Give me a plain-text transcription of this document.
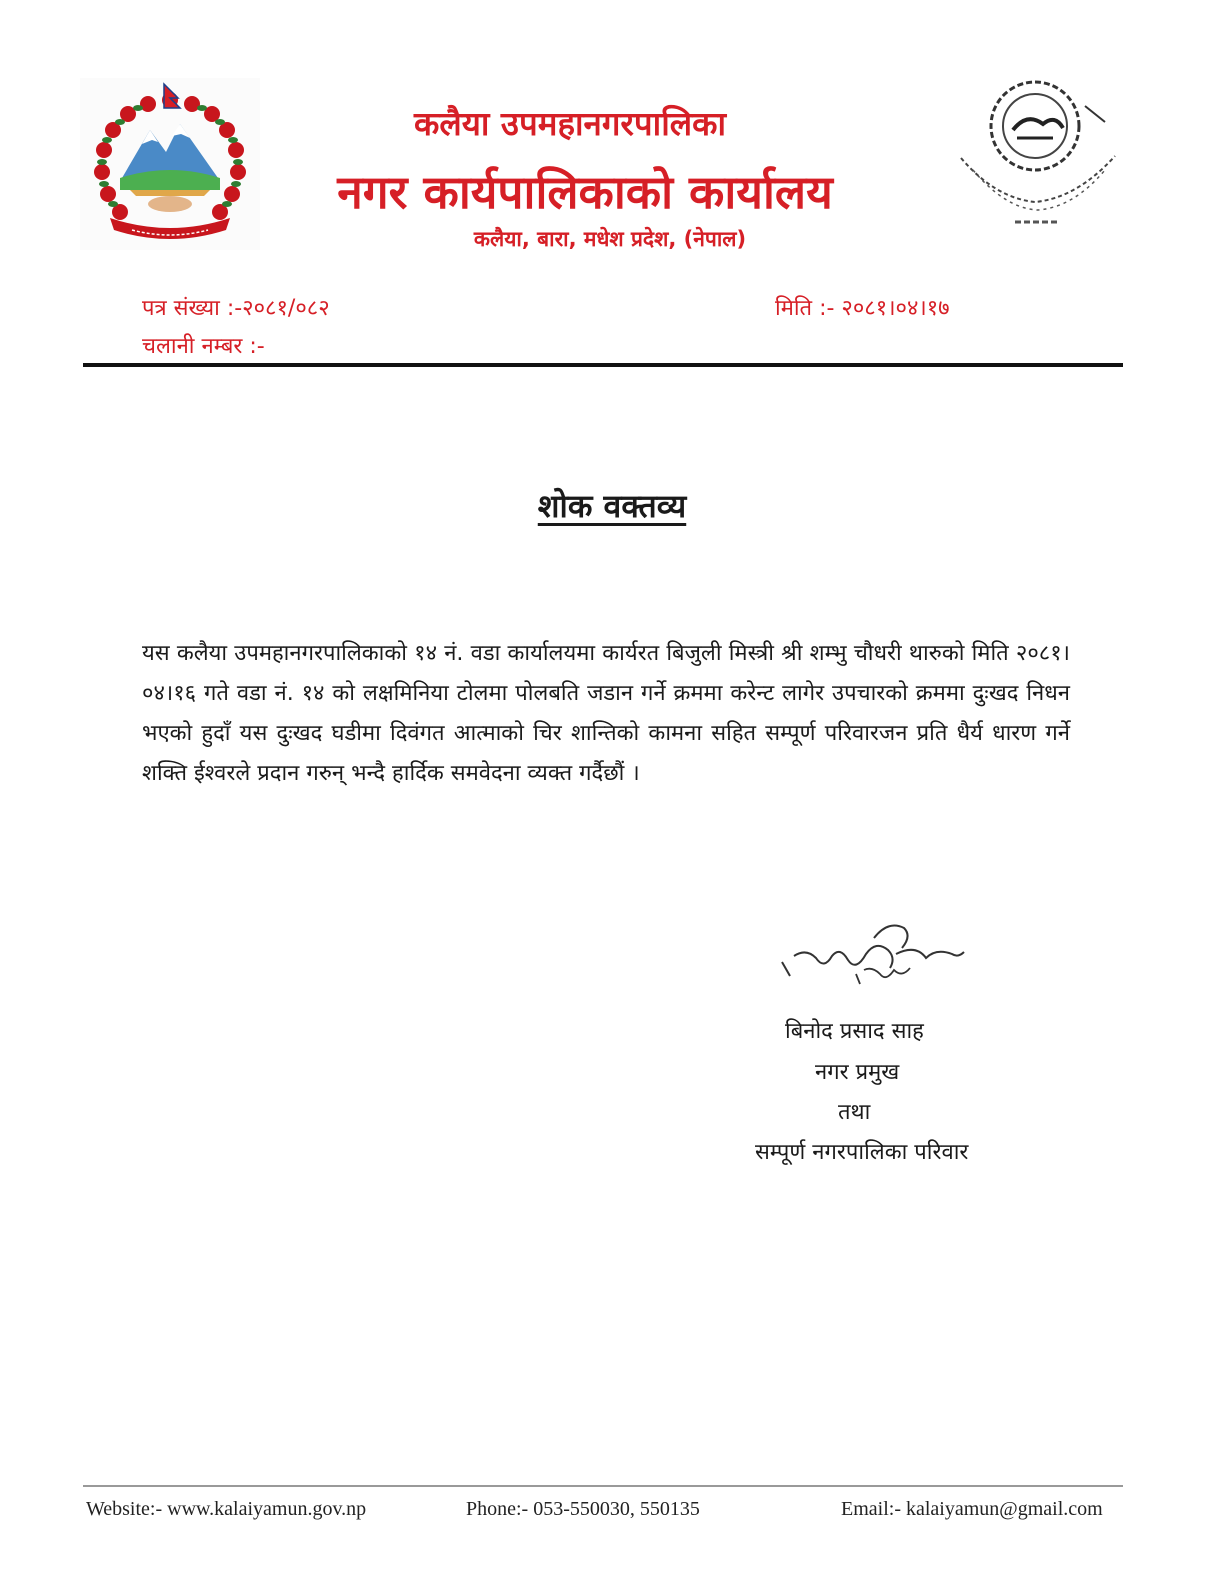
कलैया उपमहानगरपालिका
नगर कार्यपालिकाको कार्यालय
कलैया, बारा, मधेश प्रदेश, (नेपाल)
पत्र संख्या :-२०८१/०८२
चलानी नम्बर :-
मिति :- २०८१।०४।१७
शोक वक्तव्य
यस कलैया उपमहानगरपालिकाको १४ नं. वडा कार्यालयमा कार्यरत बिजुली मिस्त्री श्री शम्भु चौधरी थारुको मिति २०८१।०४।१६ गते वडा नं. १४ को लक्षमिनिया टोलमा पोलबति जडान गर्ने क्रममा करेन्ट लागेर उपचारको क्रममा दुःखद निधन भएको हुदाँ यस दुःखद घडीमा दिवंगत आत्माको चिर शान्तिको कामना सहित सम्पूर्ण परिवारजन प्रति धैर्य धारण गर्ने शक्ति ईश्वरले प्रदान गरुन् भन्दै हार्दिक समवेदना व्यक्त गर्दैछौं ।
बिनोद प्रसाद साह
नगर प्रमुख
तथा
सम्पूर्ण नगरपालिका परिवार
Website:- www.kalaiyamun.gov.np	Phone:- 053-550030, 550135	Email:- kalaiyamun@gmail.com
